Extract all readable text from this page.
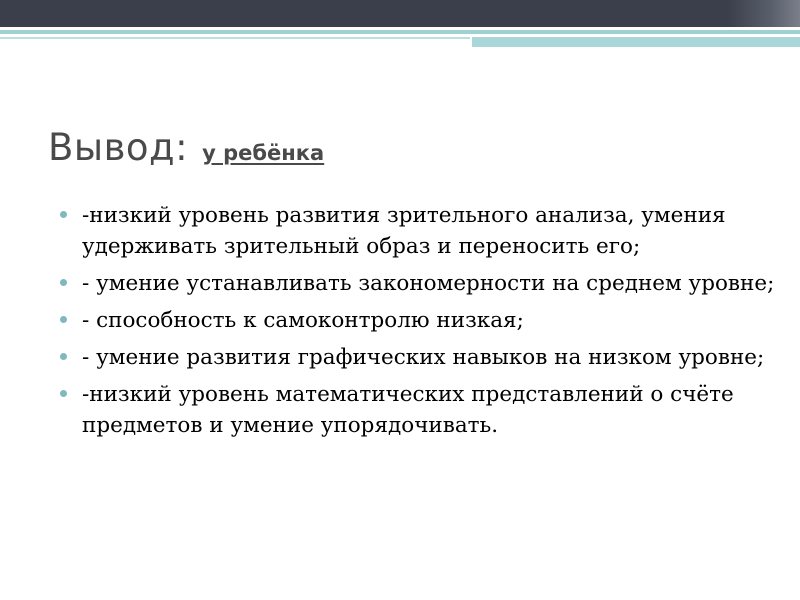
Вывод: у ребёнка
-низкий уровень развития зрительного анализа, умения удерживать зрительный образ и переносить его;
- умение устанавливать закономерности на среднем уровне;
- способность к самоконтролю низкая;
- умение развития графических навыков на низком уровне;
-низкий уровень математических представлений о счёте предметов и умение упорядочивать.
